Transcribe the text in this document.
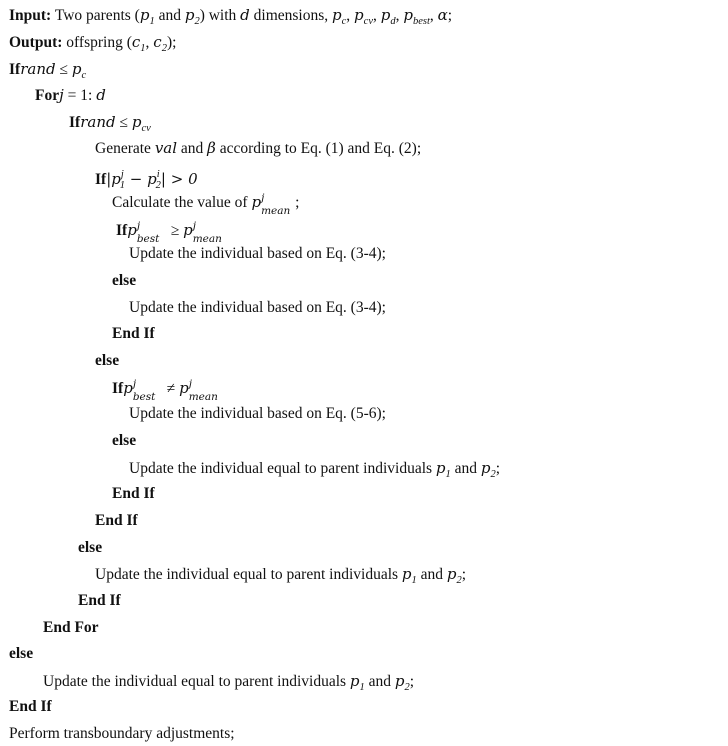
Input: Two parents ($p_1$ and $p_2$) with d dimensions, $p_c$, $p_{cv}$, $p_d$, $p_{best}$, α;
Output: offspring ($c_1$, $c_2$);
Ifrand ≤ $p_c$
Forj = 1: d
Ifrand ≤ $p_{cv}$
Generate val and β according to Eq. (1) and Eq. (2);
$If|p^j_1 - p^i_2| > 0$
Calculate the value of p j
mean ;
Ifp j
best ≥ p j
mean
Update the individual based on Eq. (3-4);
else
Update the individual based on Eq. (3-4);
End If
else
Ifp j
best ≠ p j
mean
Update the individual based on Eq. (5-6);
else
Update the individual equal to parent individuals $p_1$ and $p_2$;
End If
End If
else
Update the individual equal to parent individuals $p_1$ and $p_2$;
End If
End For
else
Update the individual equal to parent individuals $p_1$ and $p_2$;
End If
Perform transboundary adjustments;
